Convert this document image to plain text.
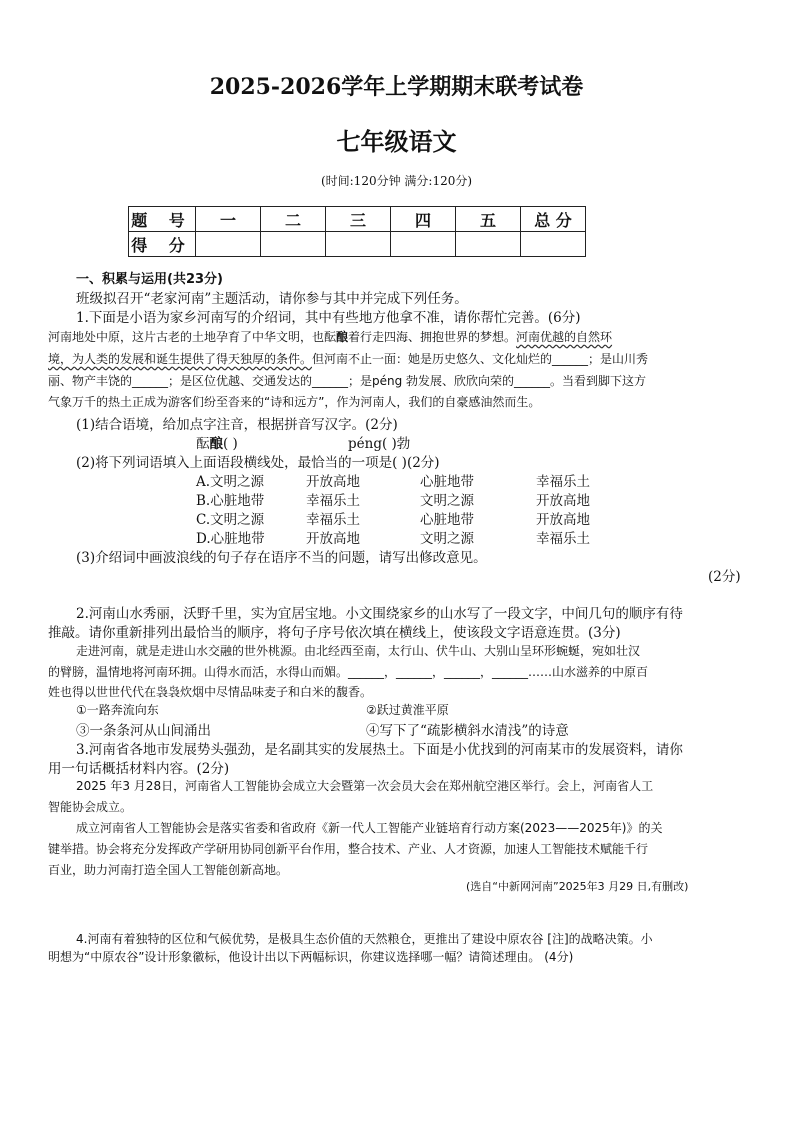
2025-2026学年上学期期末联考试卷
七年级语文
(时间:120分钟 满分:120分)
题 号	一	二	三	四	五	总 分
得 分						
一、积累与运用(共23分)
班级拟召开“老家河南”主题活动，请你参与其中并完成下列任务。
1.下面是小语为家乡河南写的介绍词，其中有些地方他拿不准，请你帮忙完善。(6分)
河南地处中原，这片古老的土地孕育了中华文明，也酝酿着行走四海、拥抱世界的梦想。河南优越的自然环
境，为人类的发展和诞生提供了得天独厚的条件。但河南不止一面：她是历史悠久、文化灿烂的______；是山川秀
丽、物产丰饶的______；是区位优越、交通发达的______；是péng 勃发展、欣欣向荣的______。当看到脚下这方
气象万千的热土正成为游客们纷至沓来的“诗和远方”，作为河南人，我们的自豪感油然而生。
(1)结合语境，给加点字注音，根据拼音写汉字。(2分)
酝酿( )	péng( )勃
(2)将下列词语填入上面语段横线处，最恰当的一项是( )(2分)
A.文明之源	开放高地	心脏地带	幸福乐土
B.心脏地带	幸福乐土	文明之源	开放高地
C.文明之源	幸福乐土	心脏地带	开放高地
D.心脏地带	开放高地	文明之源	幸福乐土
(3)介绍词中画波浪线的句子存在语序不当的问题，请写出修改意见。
(2分)
2.河南山水秀丽，沃野千里，实为宜居宝地。小文围绕家乡的山水写了一段文字，中间几句的顺序有待
推敲。请你重新排列出最恰当的顺序，将句子序号依次填在横线上，使该段文字语意连贯。(3分)
走进河南，就是走进山水交融的世外桃源。由北经西至南，太行山、伏牛山、大别山呈环形蜿蜒，宛如壮汉
的臂膀，温情地将河南环拥。山得水而活，水得山而媚。______，______，______，______……山水滋养的中原百
姓也得以世世代代在袅袅炊烟中尽情品味麦子和白米的馥香。
①一路奔流向东	②跃过黄淮平原
③一条条河从山间涌出	④写下了“疏影横斜水清浅”的诗意
3.河南省各地市发展势头强劲，是名副其实的发展热土。下面是小优找到的河南某市的发展资料，请你
用一句话概括材料内容。(2分)
2025 年3 月28日，河南省人工智能协会成立大会暨第一次会员大会在郑州航空港区举行。会上，河南省人工
智能协会成立。
成立河南省人工智能协会是落实省委和省政府《新一代人工智能产业链培育行动方案(2023——2025年)》的关
键举措。协会将充分发挥政产学研用协同创新平台作用，整合技术、产业、人才资源，加速人工智能技术赋能千行
百业，助力河南打造全国人工智能创新高地。
(选自“中新网河南”2025年3 月29 日,有删改)
4.河南有着独特的区位和气候优势，是极具生态价值的天然粮仓，更推出了建设中原农谷 [注]的战略决策。小
明想为“中原农谷”设计形象徽标，他设计出以下两幅标识，你建议选择哪一幅？请简述理由。 (4分)
